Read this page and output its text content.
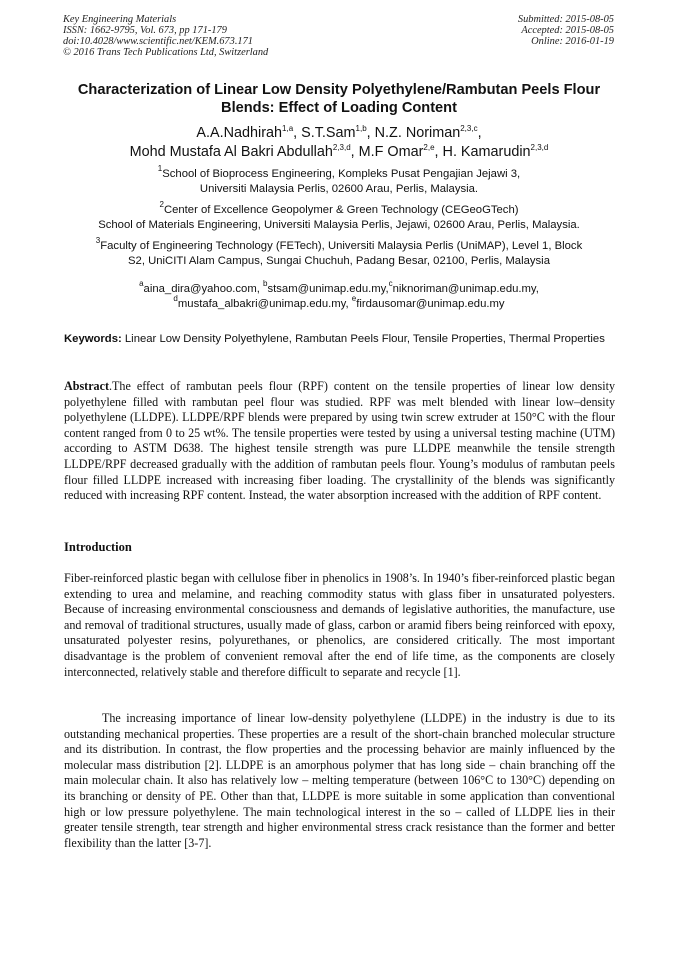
Key Engineering Materials
ISSN: 1662-9795, Vol. 673, pp 171-179
doi:10.4028/www.scientific.net/KEM.673.171
© 2016 Trans Tech Publications Ltd, Switzerland
Submitted: 2015-08-05
Accepted: 2015-08-05
Online: 2016-01-19
Characterization of Linear Low Density Polyethylene/Rambutan Peels Flour Blends: Effect of Loading Content
A.A.Nadhirah$^{1,a}$, S.T.Sam$^{1,b}$, N.Z. Noriman$^{2,3,c}$,
Mohd Mustafa Al Bakri Abdullah$^{2,3,d}$, M.F Omar$^{2,e}$, H. Kamarudin$^{2,3,d}$
$^1$School of Bioprocess Engineering, Kompleks Pusat Pengajian Jejawi 3,
Universiti Malaysia Perlis, 02600 Arau, Perlis, Malaysia.
$^2$Center of Excellence Geopolymer & Green Technology (CEGeoGTech)
School of Materials Engineering, Universiti Malaysia Perlis, Jejawi, 02600 Arau, Perlis, Malaysia.
$^3$Faculty of Engineering Technology (FETech), Universiti Malaysia Perlis (UniMAP), Level 1, Block
S2, UniCITI Alam Campus, Sungai Chuchuh, Padang Besar, 02100, Perlis, Malaysia
$^a$aina_dira@yahoo.com, $^b$stsam@unimap.edu.my,$^c$niknoriman@unimap.edu.my,
$^d$mustafa_albakri@unimap.edu.my, $^e$firdausomar@unimap.edu.my
Keywords: Linear Low Density Polyethylene, Rambutan Peels Flour, Tensile Properties, Thermal Properties
Abstract.The effect of rambutan peels flour (RPF) content on the tensile properties of linear low density polyethylene filled with rambutan peel flour was studied. RPF was melt blended with linear low–density polyethylene (LLDPE). LLDPE/RPF blends were prepared by using twin screw extruder at 150°C with the flour content ranged from 0 to 25 wt%. The tensile properties were tested by using a universal testing machine (UTM) according to ASTM D638. The highest tensile strength was pure LLDPE meanwhile the tensile strength LLDPE/RPF decreased gradually with the addition of rambutan peels flour. Young’s modulus of rambutan peels flour filled LLDPE increased with increasing fiber loading. The crystallinity of the blends was significantly reduced with increasing RPF content. Instead, the water absorption increased with the addition of RPF content.
Introduction
Fiber-reinforced plastic began with cellulose fiber in phenolics in 1908’s. In 1940’s fiber-reinforced plastic began extending to urea and melamine, and reaching commodity status with glass fiber in unsaturated polyesters. Because of increasing environmental consciousness and demands of legislative authorities, the manufacture, use and removal of traditional structures, usually made of glass, carbon or aramid fibers being reinforced with epoxy, unsaturated polyester resins, polyurethanes, or phenolics, are considered critically. The most important disadvantage is the problem of convenient removal after the end of life time, as the components are closely interconnected, relatively stable and therefore difficult to separate and recycle [1].
The increasing importance of linear low-density polyethylene (LLDPE) in the industry is due to its outstanding mechanical properties. These properties are a result of the short-chain branched molecular structure and its distribution. In contrast, the flow properties and the processing behavior are mainly influenced by the molecular mass distribution [2]. LLDPE is an amorphous polymer that has long side – chain branching off the main molecular chain. It also has relatively low – melting temperature (between 106°C to 130°C) depending on its branching or density of PE. Other than that, LLDPE is more suitable in some application than conventional high or low pressure polyethylene. The main technological interest in the so – called of LLDPE lies in their greater tensile strength, tear strength and higher environmental stress crack resistance than the former and better flexibility than the latter [3-7].
